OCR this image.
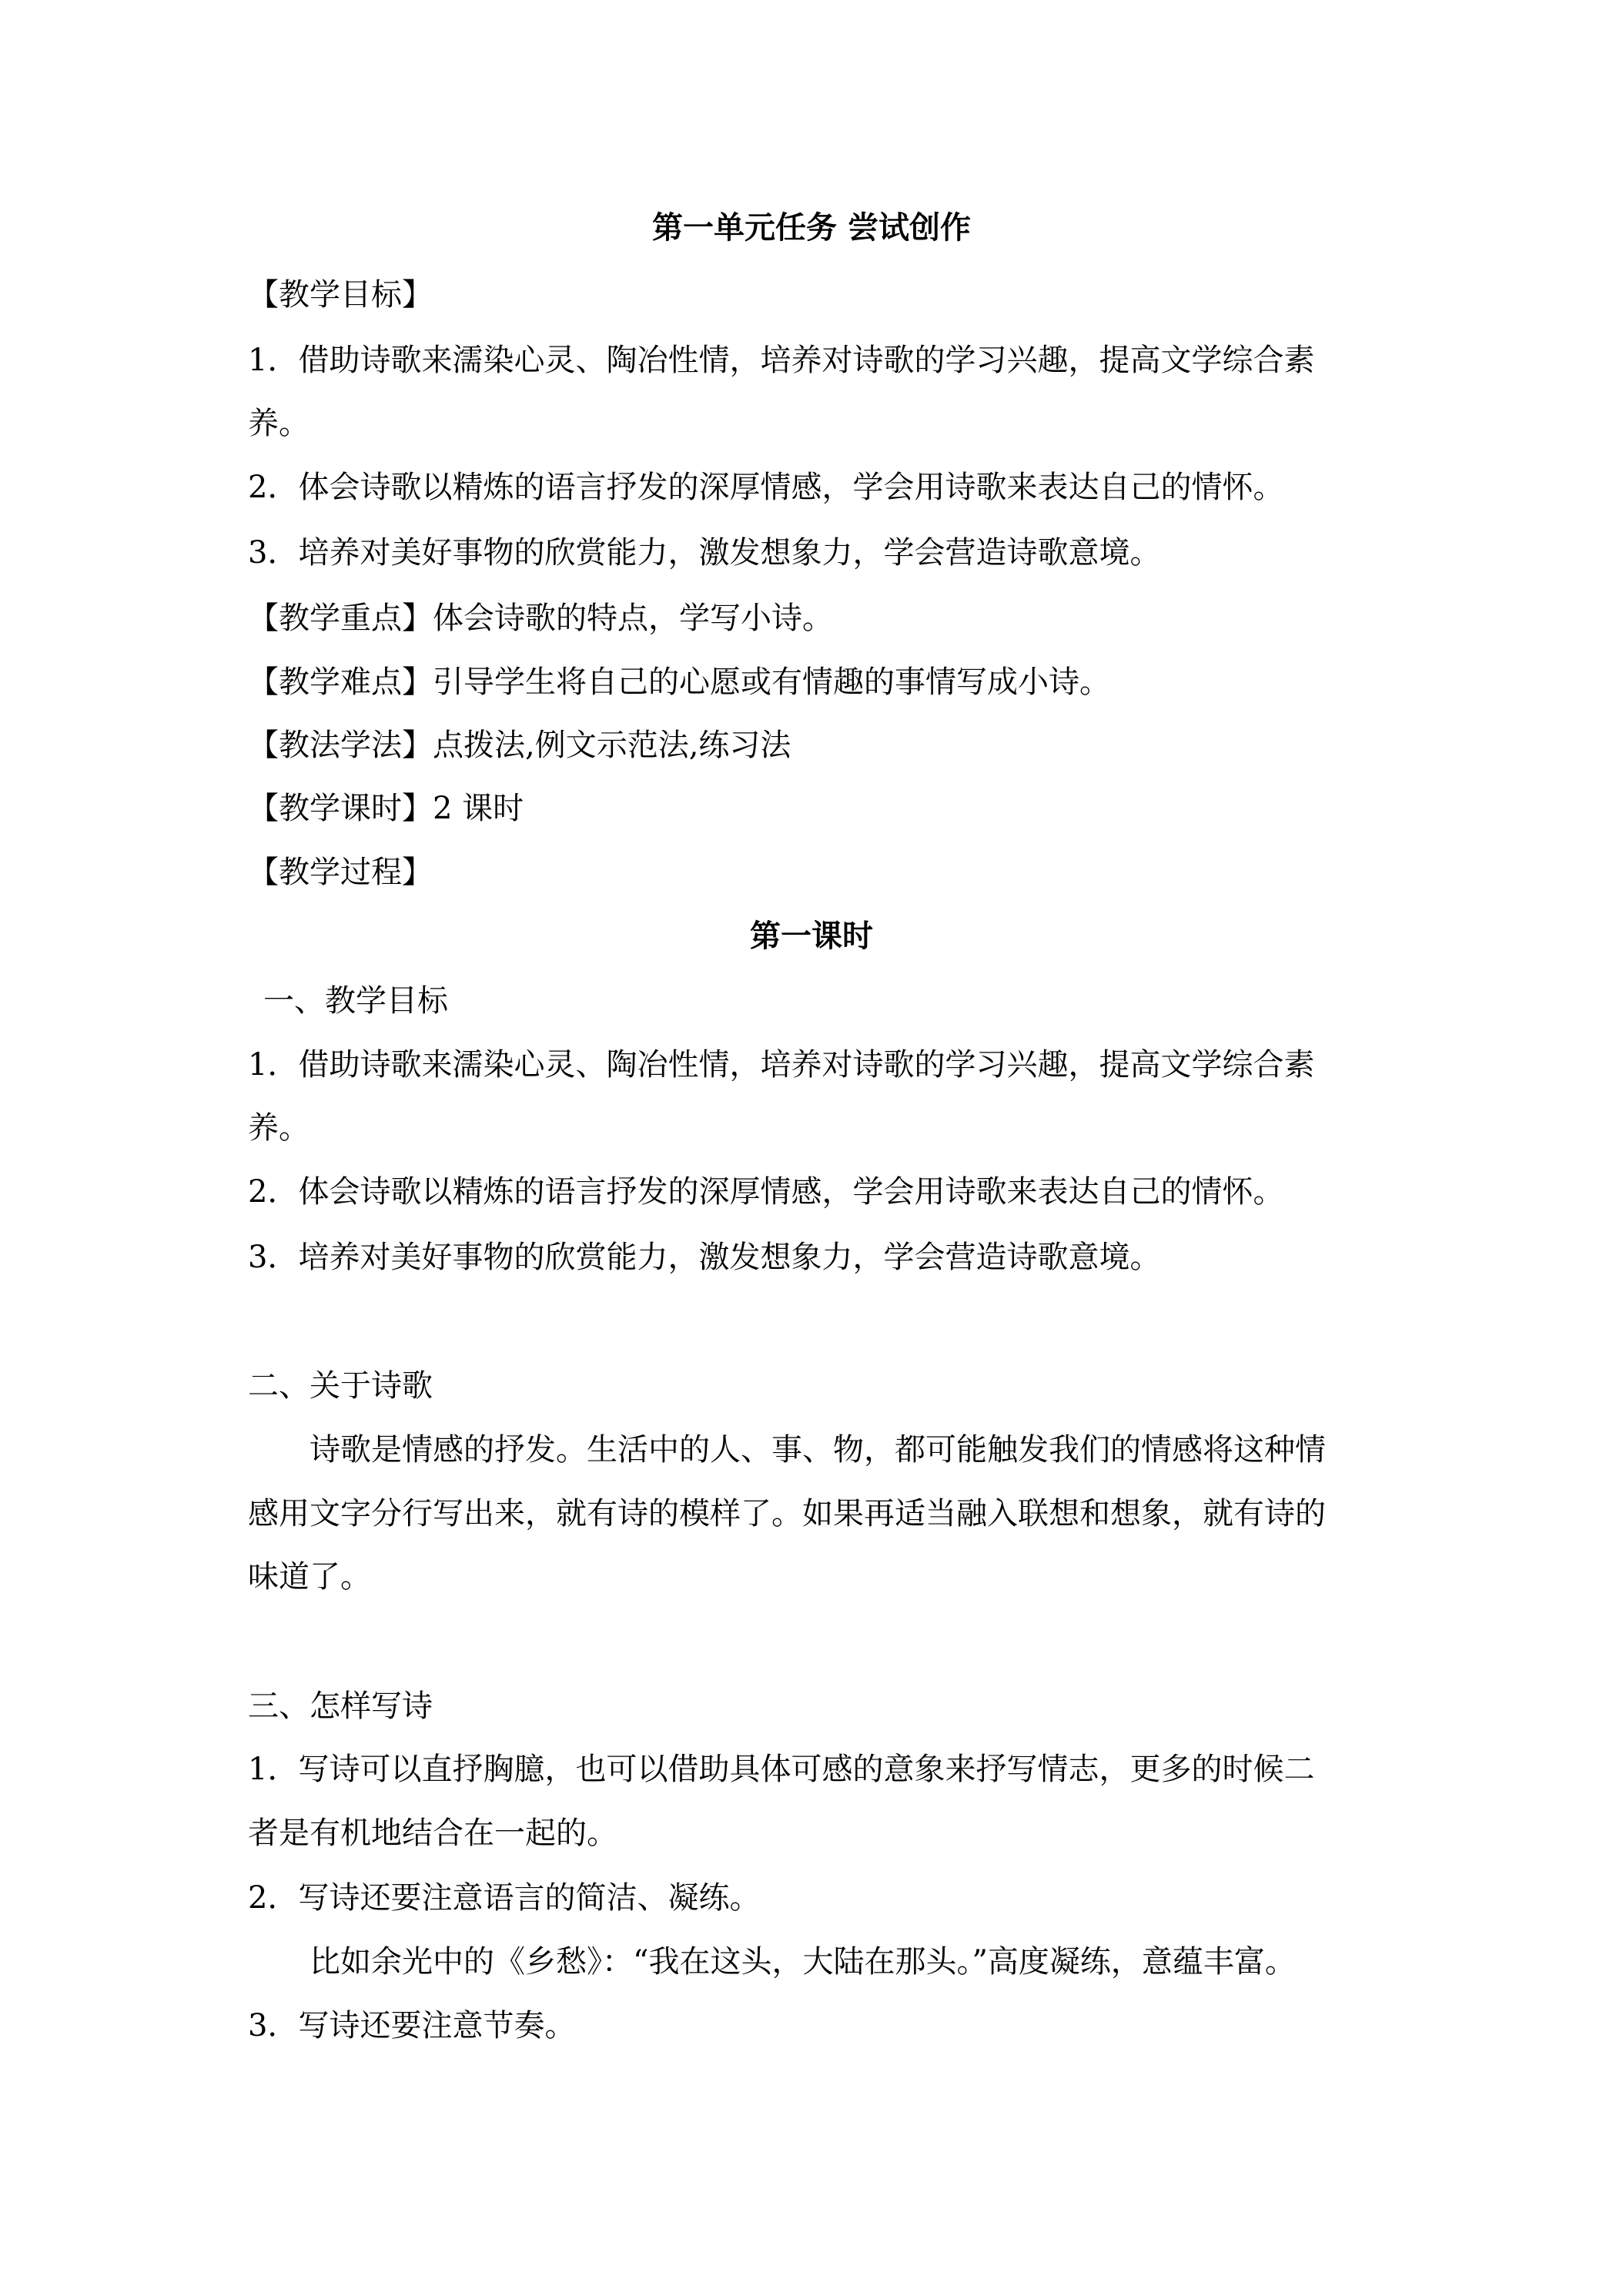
第一单元任务 尝试创作
【教学目标】
1．借助诗歌来濡染心灵、陶冶性情，培养对诗歌的学习兴趣，提高文学综合素
养。
2．体会诗歌以精炼的语言抒发的深厚情感，学会用诗歌来表达自己的情怀。
3．培养对美好事物的欣赏能力，激发想象力，学会营造诗歌意境。
【教学重点】体会诗歌的特点，学写小诗。
【教学难点】引导学生将自己的心愿或有情趣的事情写成小诗。
【教法学法】点拨法,例文示范法,练习法
【教学课时】2 课时
【教学过程】
第一课时
一、教学目标
1．借助诗歌来濡染心灵、陶冶性情，培养对诗歌的学习兴趣，提高文学综合素
养。
2．体会诗歌以精炼的语言抒发的深厚情感，学会用诗歌来表达自己的情怀。
3．培养对美好事物的欣赏能力，激发想象力，学会营造诗歌意境。
二、关于诗歌
诗歌是情感的抒发。生活中的人、事、物，都可能触发我们的情感将这种情
感用文字分行写出来，就有诗的模样了。如果再适当融入联想和想象，就有诗的
味道了。
三、怎样写诗
1．写诗可以直抒胸臆，也可以借助具体可感的意象来抒写情志，更多的时候二
者是有机地结合在一起的。
2．写诗还要注意语言的简洁、凝练。
比如余光中的《乡愁》：“我在这头，大陆在那头。”高度凝练，意蕴丰富。
3．写诗还要注意节奏。
